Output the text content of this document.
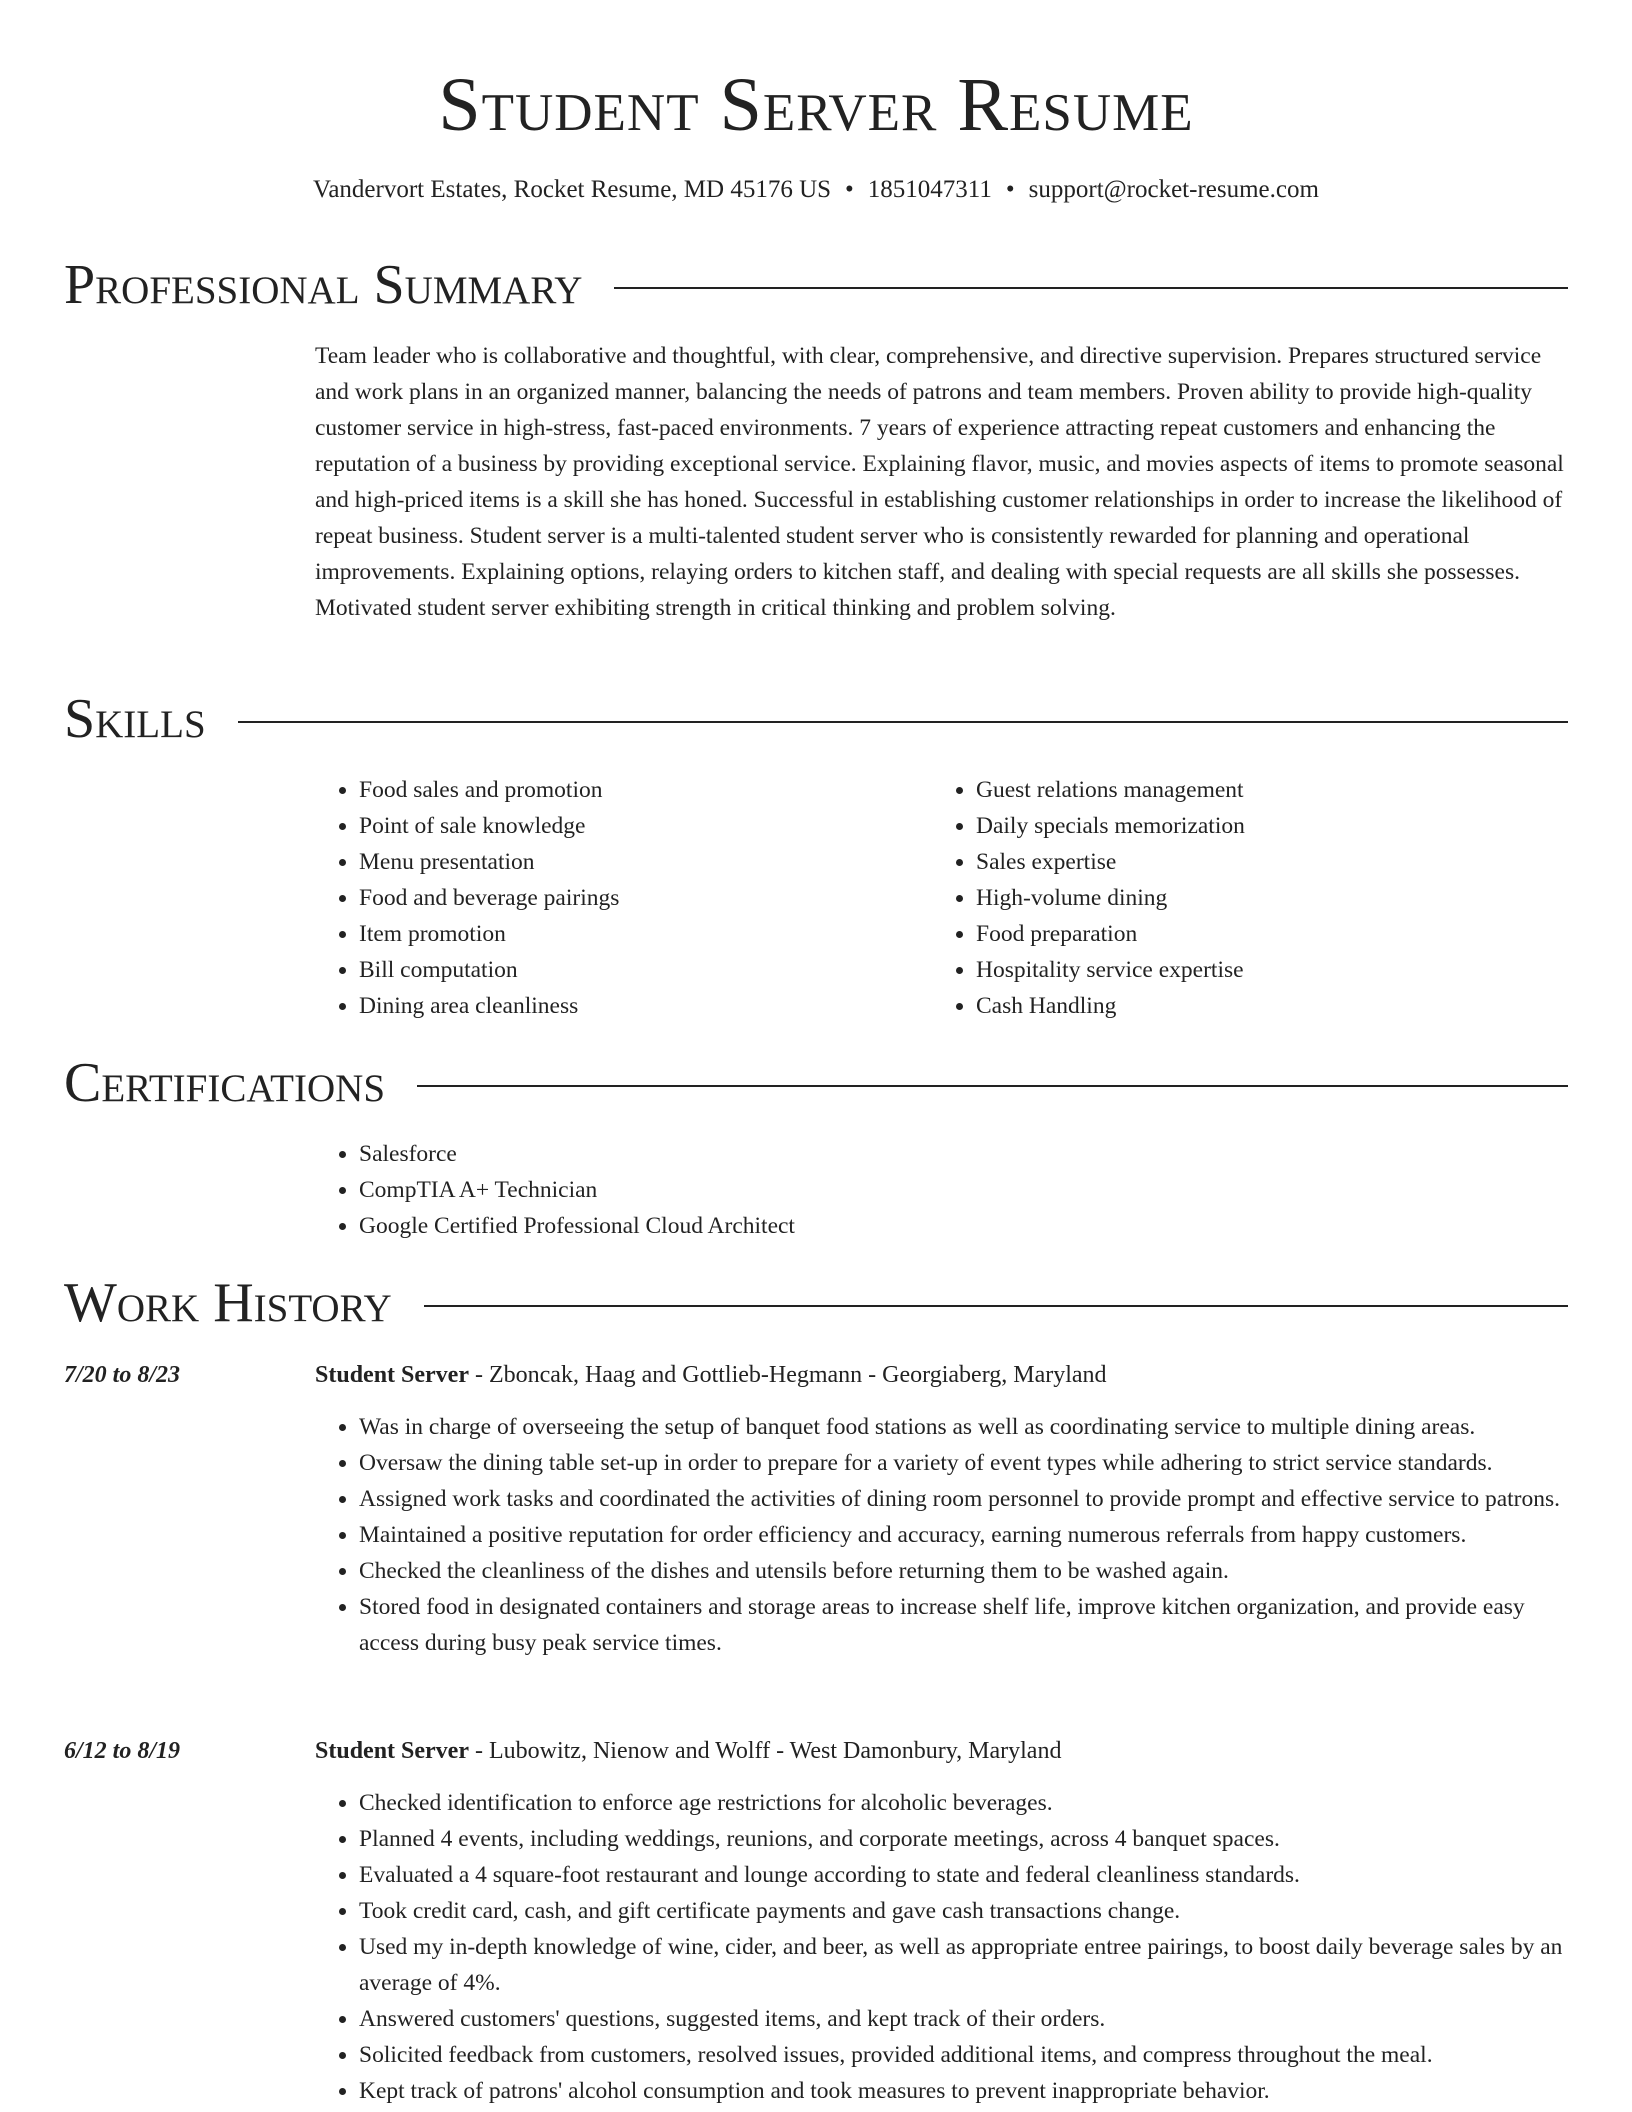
Student Server Resume
Vandervort Estates, Rocket Resume, MD 45176 US • 1851047311 • support@rocket-resume.com
Professional Summary

Team leader who is collaborative and thoughtful, with clear, comprehensive, and directive supervision. Prepares structured service and work plans in an organized manner, balancing the needs of patrons and team members. Proven ability to provide high-quality customer service in high-stress, fast-paced environments. 7 years of experience attracting repeat customers and enhancing the reputation of a business by providing exceptional service. Explaining flavor, music, and movies aspects of items to promote seasonal and high-priced items is a skill she has honed. Successful in establishing customer relationships in order to increase the likelihood of repeat business. Student server is a multi-talented student server who is consistently rewarded for planning and operational improvements. Explaining options, relaying orders to kitchen staff, and dealing with special requests are all skills she possesses. Motivated student server exhibiting strength in critical thinking and problem solving.

Skills
• Food sales and promotion
• Point of sale knowledge
• Menu presentation
• Food and beverage pairings
• Item promotion
• Bill computation
• Dining area cleanliness
• Guest relations management
• Daily specials memorization
• Sales expertise
• High-volume dining
• Food preparation
• Hospitality service expertise
• Cash Handling
Certifications
• Salesforce
• CompTIA A+ Technician
• Google Certified Professional Cloud Architect
Work History
7/20 to 8/23	Student Server - Zboncak, Haag and Gottlieb-Hegmann - Georgiaberg, Maryland
• Was in charge of overseeing the setup of banquet food stations as well as coordinating service to multiple dining areas.
• Oversaw the dining table set-up in order to prepare for a variety of event types while adhering to strict service standards.
• Assigned work tasks and coordinated the activities of dining room personnel to provide prompt and effective service to patrons.
• Maintained a positive reputation for order efficiency and accuracy, earning numerous referrals from happy customers.
• Checked the cleanliness of the dishes and utensils before returning them to be washed again.
• Stored food in designated containers and storage areas to increase shelf life, improve kitchen organization, and provide easy access during busy peak service times.
6/12 to 8/19	Student Server - Lubowitz, Nienow and Wolff - West Damonbury, Maryland
• Checked identification to enforce age restrictions for alcoholic beverages.
• Planned 4 events, including weddings, reunions, and corporate meetings, across 4 banquet spaces.
• Evaluated a 4 square-foot restaurant and lounge according to state and federal cleanliness standards.
• Took credit card, cash, and gift certificate payments and gave cash transactions change.
• Used my in-depth knowledge of wine, cider, and beer, as well as appropriate entree pairings, to boost daily beverage sales by an average of 4%.
• Answered customers' questions, suggested items, and kept track of their orders.
• Solicited feedback from customers, resolved issues, provided additional items, and compress throughout the meal.
• Kept track of patrons' alcohol consumption and took measures to prevent inappropriate behavior.
